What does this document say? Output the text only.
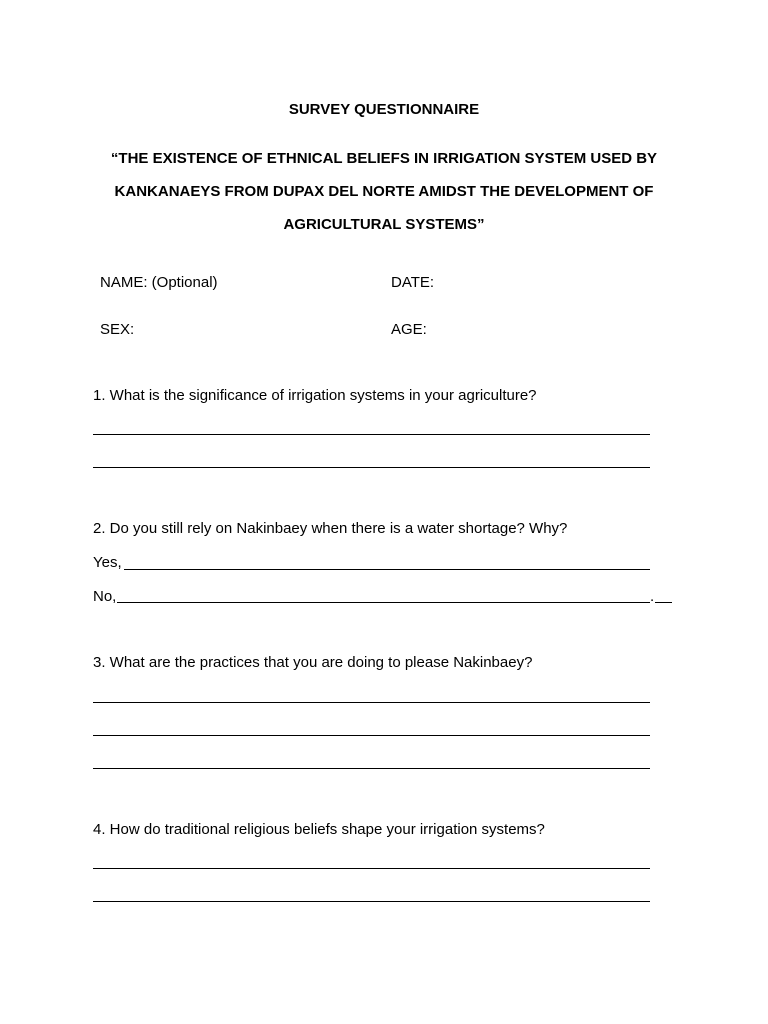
SURVEY QUESTIONNAIRE
“THE EXISTENCE OF ETHNICAL BELIEFS IN IRRIGATION SYSTEM USED BY
KANKANAEYS FROM DUPAX DEL NORTE AMIDST THE DEVELOPMENT OF
AGRICULTURAL SYSTEMS”
NAME: (Optional)	DATE:
SEX:	AGE:
1. What is the significance of irrigation systems in your agriculture?
2. Do you still rely on Nakinbaey when there is a water shortage? Why?
Yes,
No,	.
3. What are the practices that you are doing to please Nakinbaey?
4. How do traditional religious beliefs shape your irrigation systems?
